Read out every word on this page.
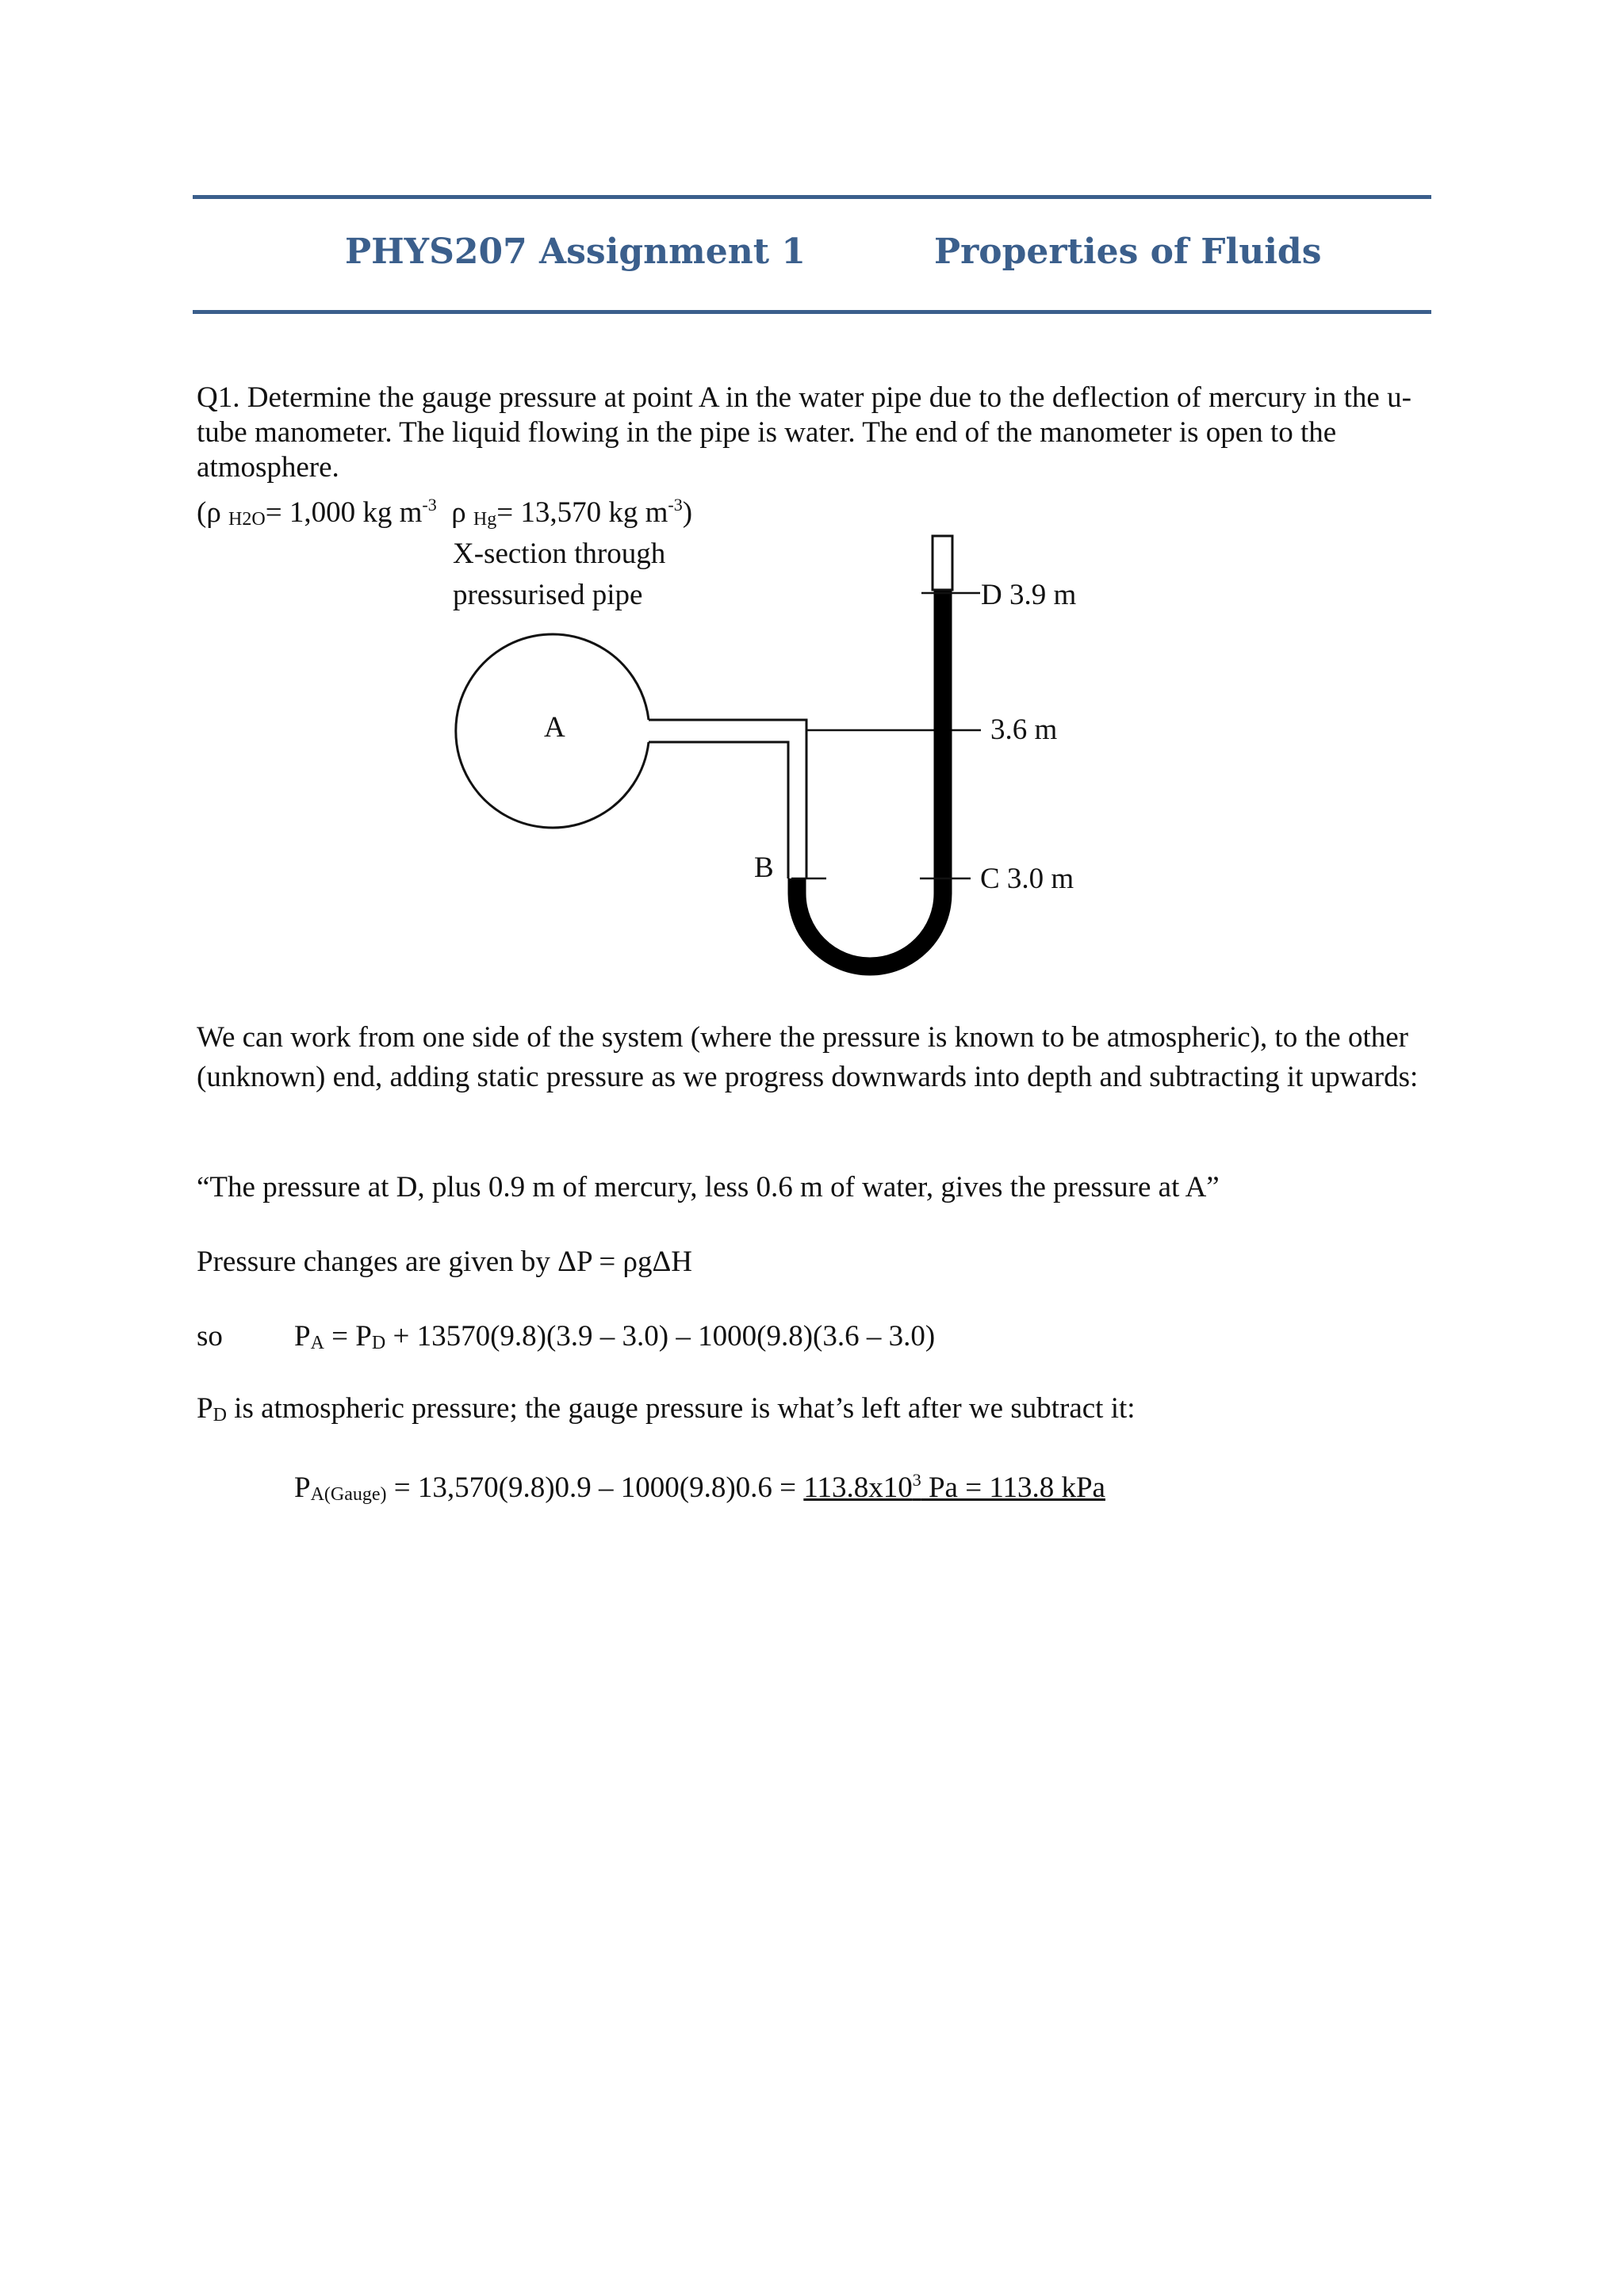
PHYS207 Assignment 1	Properties of Fluids
Q1. Determine the gauge pressure at point A in the water pipe due to the deflection of mercury in the u-tube manometer. The liquid flowing in the pipe is water. The end of the manometer is open to the atmosphere.
(ρ $_{H2O}$= 1,000 kg $m^{-3}$ ρ $_{Hg}$= 13,570 kg $m^{-3}$)
X-section through
pressurised pipe
A
D 3.9 m
3.6 m
B	C 3.0 m
We can work from one side of the system (where the pressure is known to be atmospheric), to the other (unknown) end, adding static pressure as we progress downwards into depth and subtracting it upwards:
“The pressure at D, plus 0.9 m of mercury, less 0.6 m of water, gives the pressure at A”
Pressure changes are given by ΔP = ρgΔH
so $P_A = P_D + 13570(9.8)(3.9 - 3.0) - 1000(9.8)(3.6 - 3.0)$
$P_D$ is atmospheric pressure; the gauge pressure is what’s left after we subtract it:
$P_{A(Gauge)} = 13,570(9.8)0.9 - 1000(9.8)0.6 = 113.8x10^3$ Pa = 113.8 kPa
